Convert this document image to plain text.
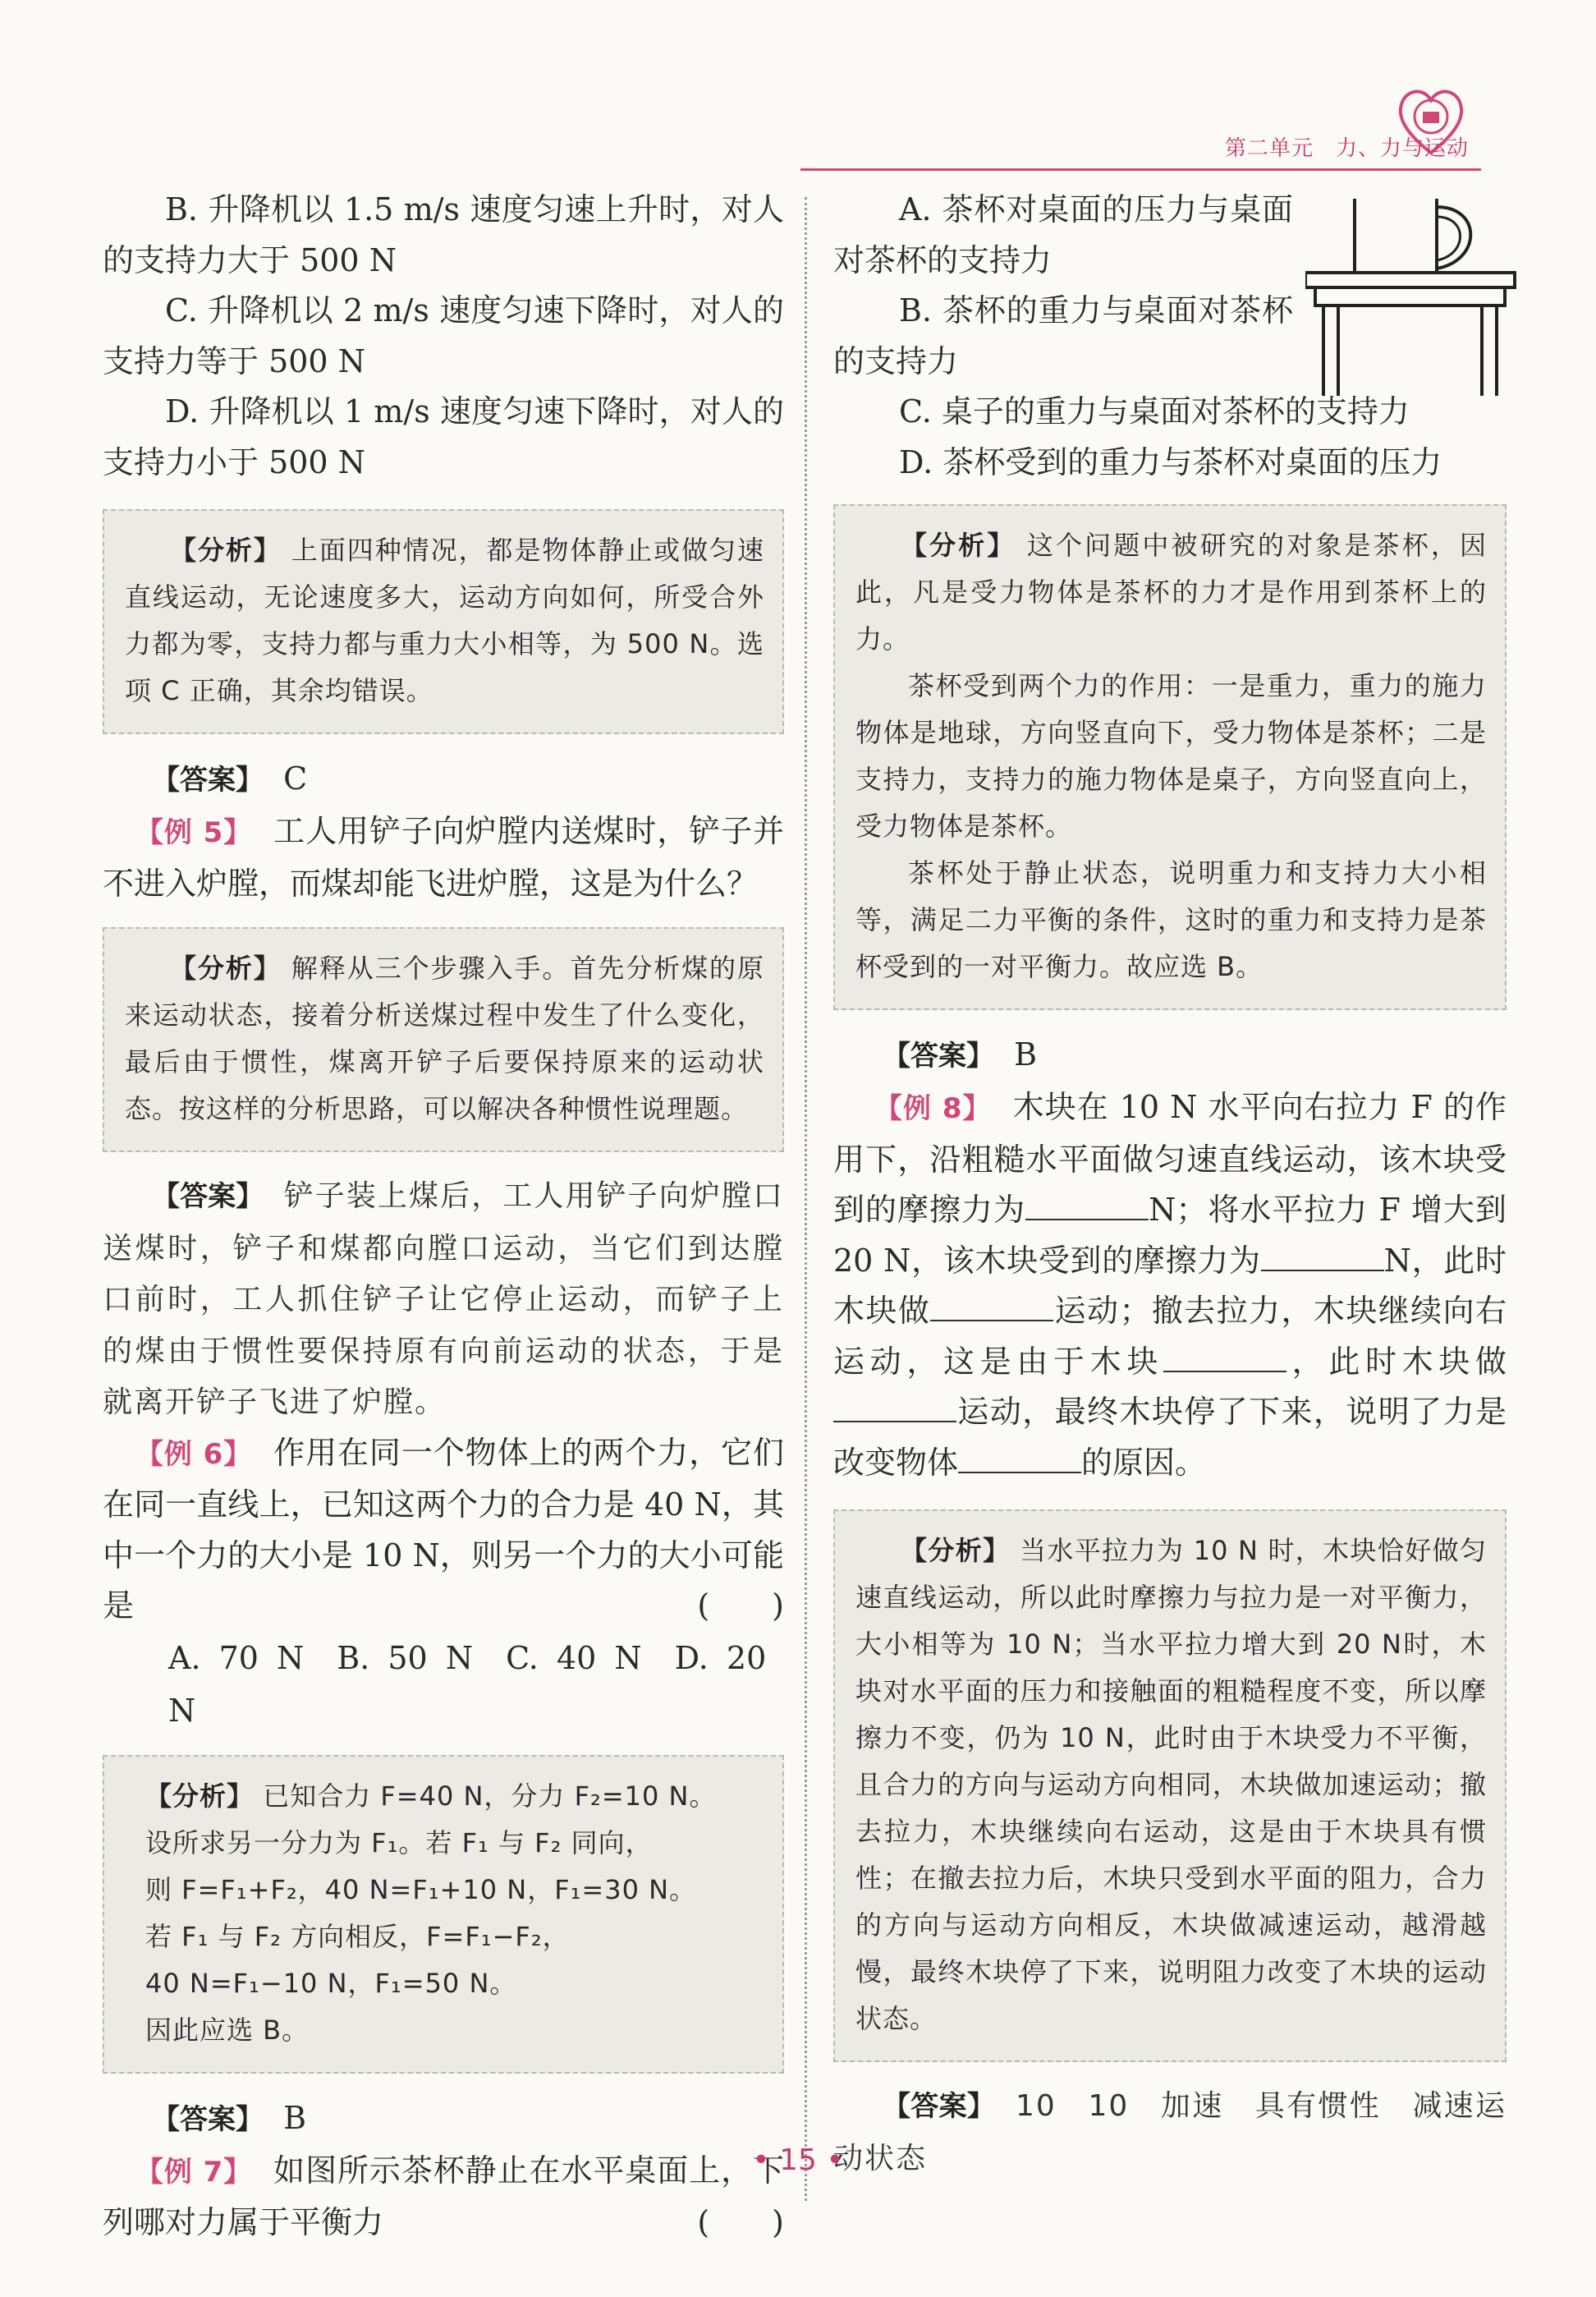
第二单元　力、力与运动

B. 升降机以 1.5 m/s 速度匀速上升时，对人的支持力大于 500 N

C. 升降机以 2 m/s 速度匀速下降时，对人的支持力等于 500 N

D. 升降机以 1 m/s 速度匀速下降时，对人的支持力小于 500 N

【分析】 上面四种情况，都是物体静止或做匀速直线运动，无论速度多大，运动方向如何，所受合外力都为零，支持力都与重力大小相等，为 500 N。选项 C 正确，其余均错误。

【答案】 C

【例 5】 工人用铲子向炉膛内送煤时，铲子并不进入炉膛，而煤却能飞进炉膛，这是为什么？

【分析】 解释从三个步骤入手。首先分析煤的原来运动状态，接着分析送煤过程中发生了什么变化，最后由于惯性，煤离开铲子后要保持原来的运动状态。按这样的分析思路，可以解决各种惯性说理题。

【答案】 铲子装上煤后，工人用铲子向炉膛口送煤时，铲子和煤都向膛口运动，当它们到达膛口前时，工人抓住铲子让它停止运动，而铲子上的煤由于惯性要保持原有向前运动的状态，于是就离开铲子飞进了炉膛。

【例 6】 作用在同一个物体上的两个力，它们在同一直线上，已知这两个力的合力是 40 N，其中一个力的大小是 10 N，则另一个力的大小可能是	(　　)

A. 70 N B. 50 N C. 40 N D. 20 N

【分析】 已知合力 F=40 N，分力 F₂=10 N。

设所求另一分力为 F₁。若 F₁ 与 F₂ 同向，

则 F=F₁+F₂，40 N=F₁+10 N，F₁=30 N。

若 F₁ 与 F₂ 方向相反，F=F₁−F₂，

40 N=F₁−10 N，F₁=50 N。

因此应选 B。

【答案】 B

【例 7】 如图所示茶杯静止在水平桌面上，下列哪对力属于平衡力	(　　)

A. 茶杯对桌面的压力与桌面对茶杯的支持力

B. 茶杯的重力与桌面对茶杯的支持力

C. 桌子的重力与桌面对茶杯的支持力

D. 茶杯受到的重力与茶杯对桌面的压力

【分析】 这个问题中被研究的对象是茶杯，因此，凡是受力物体是茶杯的力才是作用到茶杯上的力。

茶杯受到两个力的作用：一是重力，重力的施力物体是地球，方向竖直向下，受力物体是茶杯；二是支持力，支持力的施力物体是桌子，方向竖直向上，受力物体是茶杯。

茶杯处于静止状态，说明重力和支持力大小相等，满足二力平衡的条件，这时的重力和支持力是茶杯受到的一对平衡力。故应选 B。

【答案】 B

【例 8】 木块在 10 N 水平向右拉力 F 的作用下，沿粗糙水平面做匀速直线运动，该木块受到的摩擦力为	N；将水平拉力 F 增大到 20 N，该木块受到的摩擦力为	N，此时木块做	运动；撤去拉力，木块继续向右运动，这是由于木块	，此时木块做运动，最终木块停了下来，说明了力是改变物体	的原因。

【分析】 当水平拉力为 10 N 时，木块恰好做匀速直线运动，所以此时摩擦力与拉力是一对平衡力，大小相等为 10 N；当水平拉力增大到 20 N时，木块对水平面的压力和接触面的粗糙程度不变，所以摩擦力不变，仍为 10 N，此时由于木块受力不平衡，且合力的方向与运动方向相同，木块做加速运动；撤去拉力，木块继续向右运动，这是由于木块具有惯性；在撤去拉力后，木块只受到水平面的阻力，合力的方向与运动方向相反，木块做减速运动，越滑越慢，最终木块停了下来，说明阻力改变了木块的运动状态。

【答案】 10　10　加速　具有惯性　减速运动状态

• 15 •
